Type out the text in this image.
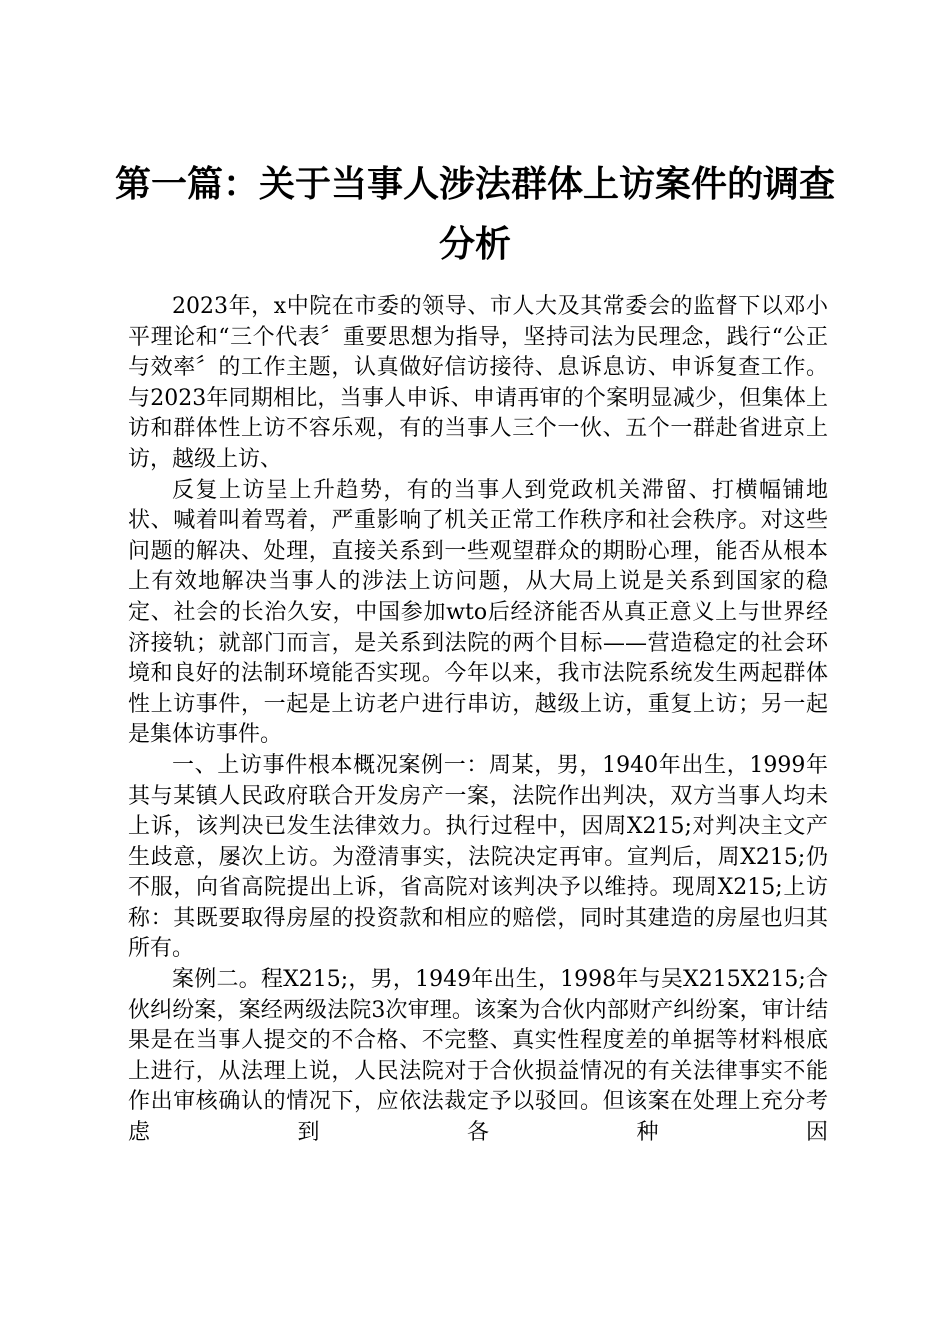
第一篇：关于当事人涉法群体上访案件的调查
分析

2023年，x中院在市委的领导、市人大及其常委会的监督下以邓小平理论和“三个代表〞重要思想为指导，坚持司法为民理念，践行“公正与效率〞的工作主题，认真做好信访接待、息诉息访、申诉复查工作。与2023年同期相比，当事人申诉、申请再审的个案明显减少，但集体上访和群体性上访不容乐观，有的当事人三个一伙、五个一群赴省进京上访，越级上访、

反复上访呈上升趋势，有的当事人到党政机关滞留、打横幅铺地状、喊着叫着骂着，严重影响了机关正常工作秩序和社会秩序。对这些问题的解决、处理，直接关系到一些观望群众的期盼心理，能否从根本上有效地解决当事人的涉法上访问题，从大局上说是关系到国家的稳定、社会的长治久安，中国参加wto后经济能否从真正意义上与世界经济接轨；就部门而言，是关系到法院的两个目标——营造稳定的社会环境和良好的法制环境能否实现。今年以来，我市法院系统发生两起群体性上访事件，一起是上访老户进行串访，越级上访，重复上访；另一起是集体访事件。

一、上访事件根本概况案例一：周某，男，1940年出生，1999年其与某镇人民政府联合开发房产一案，法院作出判决，双方当事人均未上诉，该判决已发生法律效力。执行过程中，因周X215;对判决主文产生歧意，屡次上访。为澄清事实，法院决定再审。宣判后，周X215;仍不服，向省高院提出上诉，省高院对该判决予以维持。现周X215;上访称：其既要取得房屋的投资款和相应的赔偿，同时其建造的房屋也归其所有。

案例二。程X215;，男，1949年出生，1998年与吴X215X215;合伙纠纷案，案经两级法院3次审理。该案为合伙内部财产纠纷案，审计结果是在当事人提交的不合格、不完整、真实性程度差的单据等材料根底上进行，从法理上说，人民法院对于合伙损益情况的有关法律事实不能作出审核确认的情况下，应依法裁定予以驳回。但该案在处理上充分考虑到各种因
